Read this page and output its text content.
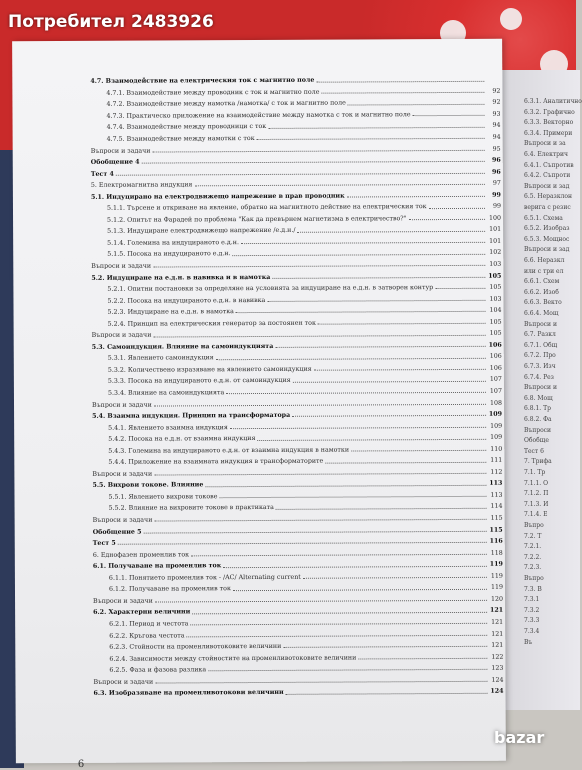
6.3.1. Аналитично
6.3.2. Графично
6.3.3. Векторно
6.3.4. Примери
Въпроси и за
6.4. Електрич
6.4.1. Съпротив
6.4.2. Съпроти
Въпроси и зад
6.5. Неразклон
верига с резис
6.5.1. Схема
6.5.2. Изобраз
6.5.3. Мощнос
Въпроси и зад
6.6. Неразкл
или с три ел
6.6.1. Схем
6.6.2. Изоб
6.6.3. Векто
6.6.4. Мощ
Въпроси и
6.7. Разкл
6.7.1. Общ
6.7.2. Про
6.7.3. Изч
6.7.4. Рез
Въпроси и
6.8. Мощ
6.8.1. Тр
6.8.2. Фа
Въпроси
Обобще
Тест 6
7. Трифа
7.1. Тр
7.1.1. О
7.1.2. П
7.1.3. И
7.1.4. Е
Въпро
7.2. Т
7.2.1.
7.2.2.
7.2.3.
Въпро
7.3. В
7.3.1
7.3.2
7.3.3
7.3.4
Въ
4.7. Взаимодействие на електрическия ток с магнитно поле
4.7.1. Взаимодействие между проводник с ток и магнитно поле	92
4.7.2. Взаимодействие между намотка /намотка/ с ток и магнитно поле	92
4.7.3. Практическо приложение на взаимодействие между намотка с ток и магнитно поле	93
4.7.4. Взаимодействие между проводници с ток	94
4.7.5. Взаимодействие между намотки с ток	94
Въпроси и задачи	95
Обобщение 4	96
Тест 4	96
5. Електромагнитна индукция	97
5.1. Индуцирано на електродвижещо напрежение в прав проводник	99
5.1.1. Търсене и откриване на явление, обратно на магнитното действие на електрическия ток	99
5.1.2. Опитът на Фарадей по проблема "Как да превърнем магнетизма в електричество?"	100
5.1.3. Индуциране електродвижещо напрежение /е.д.н./	101
5.1.4. Големина на индуцираното е.д.н.	101
5.1.5. Посока на индуцираното е.д.н.	102
Въпроси и задачи	103
5.2. Индуциране на е.д.н. в навивка и в намотка	105
5.2.1. Опитни постановки за определяне на условията за индуциране на е.д.н. в затворен контур	105
5.2.2. Посока на индуцираното е.д.н. в навивка	103
5.2.3. Индуциране на е.д.н. в намотка	104
5.2.4. Принцип на електрическия генератор за постоянен ток	105
Въпроси и задачи	105
5.3. Самоиндукция. Влияние на самоиндукцията	106
5.3.1. Явлението самоиндукция	106
5.3.2. Количествено изразяване на явлението самоиндукция	106
5.3.3. Посока на индуцираното е.д.н. от самоиндукция	107
5.3.4. Влияние на самоиндукцията	107
Въпроси и задачи	108
5.4. Взаимна индукция. Принцип на трансформатора	109
5.4.1. Явлението взаимна индукция	109
5.4.2. Посока на е.д.н. от взаимна индукция	109
5.4.3. Големина на индуцираното е.д.н. от взаимна индукция в намотки	110
5.4.4. Приложение на взаимната индукция в трансформаторите	111
Въпроси и задачи	112
5.5. Вихрови токове. Влияние	113
5.5.1. Явлението вихрови токове	113
5.5.2. Влияние на вихровите токове в практиката	114
Въпроси и задачи	115
Обобщение 5	115
Тест 5	116
6. Еднофазен променлив ток	118
6.1. Получаване на променлив ток	119
6.1.1. Понятието променлив ток - /AC/ Alternating current	119
6.1.2. Получаване на променлив ток	119
Въпроси и задачи	120
6.2. Характерни величини	121
6.2.1. Период и честота	121
6.2.2. Кръгова честота	121
6.2.3. Стойности на променливотоковите величини	121
6.2.4. Зависимости между стойностите на променливотоковите величини	122
6.2.5. Фаза и фазова разлика	123
Въпроси и задачи	124
6.3. Изобразяване на променливотокови величини	124
6
Потребител 2483926
bazar
